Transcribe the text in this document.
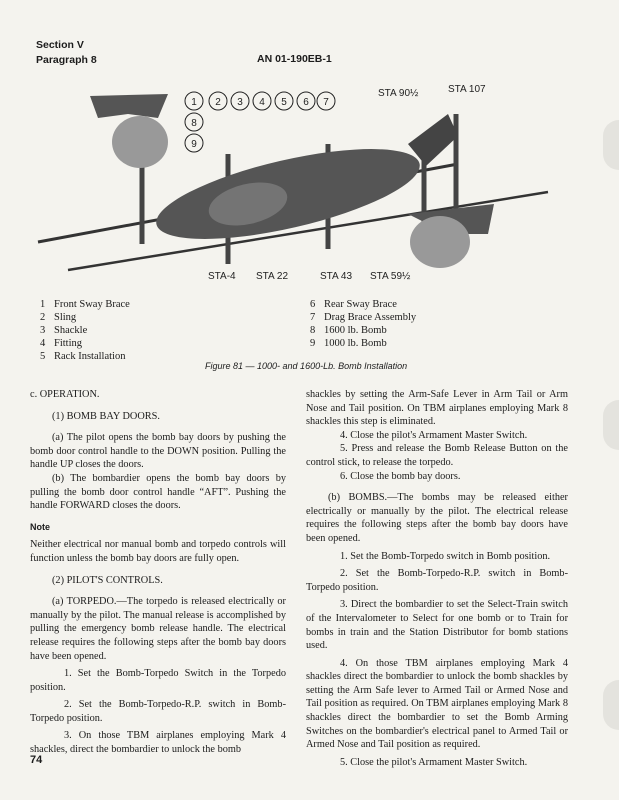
Section V
Paragraph 8	AN 01-190EB-1
1 2 3 4 5 6 7
8
9
STA 90½	STA 107
STA-4 STA 22	STA 43 STA 59½
1 Front Sway Brace
2 Sling
3 Shackle
4 Fitting
5 Rack Installation
6 Rear Sway Brace
7 Drag Brace Assembly
8 1600 lb. Bomb
9 1000 lb. Bomb
Figure 81 — 1000- and 1600-Lb. Bomb Installation

c. OPERATION.

(1) BOMB BAY DOORS.

(a) The pilot opens the bomb bay doors by pushing the bomb door control handle to the DOWN position. Pulling the handle UP closes the doors.

(b) The bombardier opens the bomb bay doors by pulling the bomb door control handle “AFT”. Pushing the handle FORWARD closes the doors.

Note

Neither electrical nor manual bomb and torpedo controls will function unless the bomb bay doors are fully open.

(2) PILOT'S CONTROLS.

(a) TORPEDO.—The torpedo is released electrically or manually by the pilot. The manual release is accomplished by pulling the emergency bomb release handle. The electrical release requires the following steps after the bomb bay doors have been opened.

1. Set the Bomb-Torpedo Switch in the Torpedo position.

2. Set the Bomb-Torpedo-R.P. switch in Bomb-Torpedo position.

3. On those TBM airplanes employing Mark 4 shackles, direct the bombardier to unlock the bomb

shackles by setting the Arm-Safe Lever in Arm Tail or Arm Nose and Tail position. On TBM airplanes employing Mark 8 shackles this step is eliminated.

4. Close the pilot's Armament Master Switch.

5. Press and release the Bomb Release Button on the control stick, to release the torpedo.

6. Close the bomb bay doors.

(b) BOMBS.—The bombs may be released either electrically or manually by the pilot. The electrical release requires the following steps after the bomb bay doors have been opened.

1. Set the Bomb-Torpedo switch in Bomb position.

2. Set the Bomb-Torpedo-R.P. switch in Bomb-Torpedo position.

3. Direct the bombardier to set the Select-Train switch of the Intervalometer to Select for one bomb or to Train for bombs in train and the Station Distributor for bomb stations used.

4. On those TBM airplanes employing Mark 4 shackles direct the bombardier to unlock the bomb shackles by setting the Arm Safe lever to Armed Tail or Armed Nose and Tail position as required. On TBM airplanes employing Mark 8 shackles direct the bombardier to set the Bomb Arming Switches on the bombardier's electrical panel to Armed Tail or Armed Nose and Tail position as required.

5. Close the pilot's Armament Master Switch.

74
